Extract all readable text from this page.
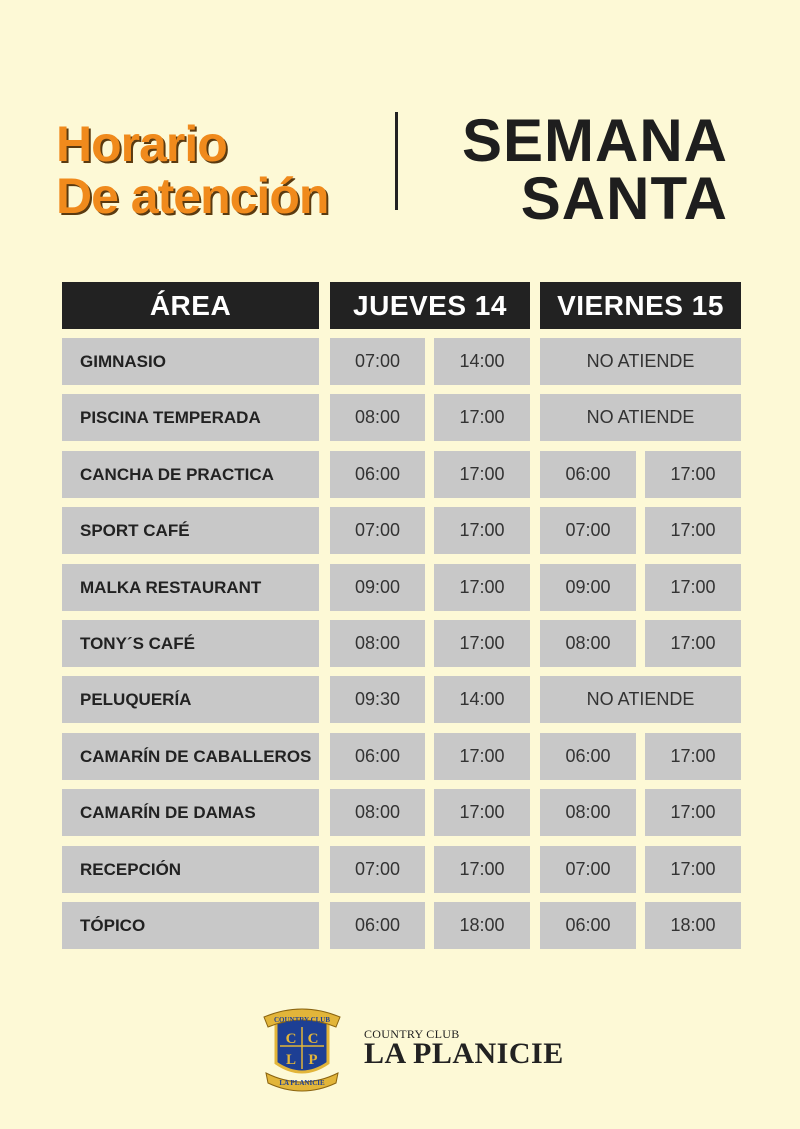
Horario
De atención
SEMANA
SANTA
ÁREA	JUEVES 14	VIERNES 15
GIMNASIO	07:00	14:00	NO ATIENDE
PISCINA TEMPERADA	08:00	17:00	NO ATIENDE
CANCHA DE PRACTICA	06:00	17:00	06:00	17:00
SPORT CAFÉ	07:00	17:00	07:00	17:00
MALKA RESTAURANT	09:00	17:00	09:00	17:00
TONY´S CAFÉ	08:00	17:00	08:00	17:00
PELUQUERÍA	09:30	14:00	NO ATIENDE
CAMARÍN DE CABALLEROS	06:00	17:00	06:00	17:00
CAMARÍN DE DAMAS	08:00	17:00	08:00	17:00
RECEPCIÓN	07:00	17:00	07:00	17:00
TÓPICO	06:00	18:00	06:00	18:00
COUNTRY CLUB
C C
L P
LA PLANICIE
COUNTRY CLUB
LA PLANICIE
